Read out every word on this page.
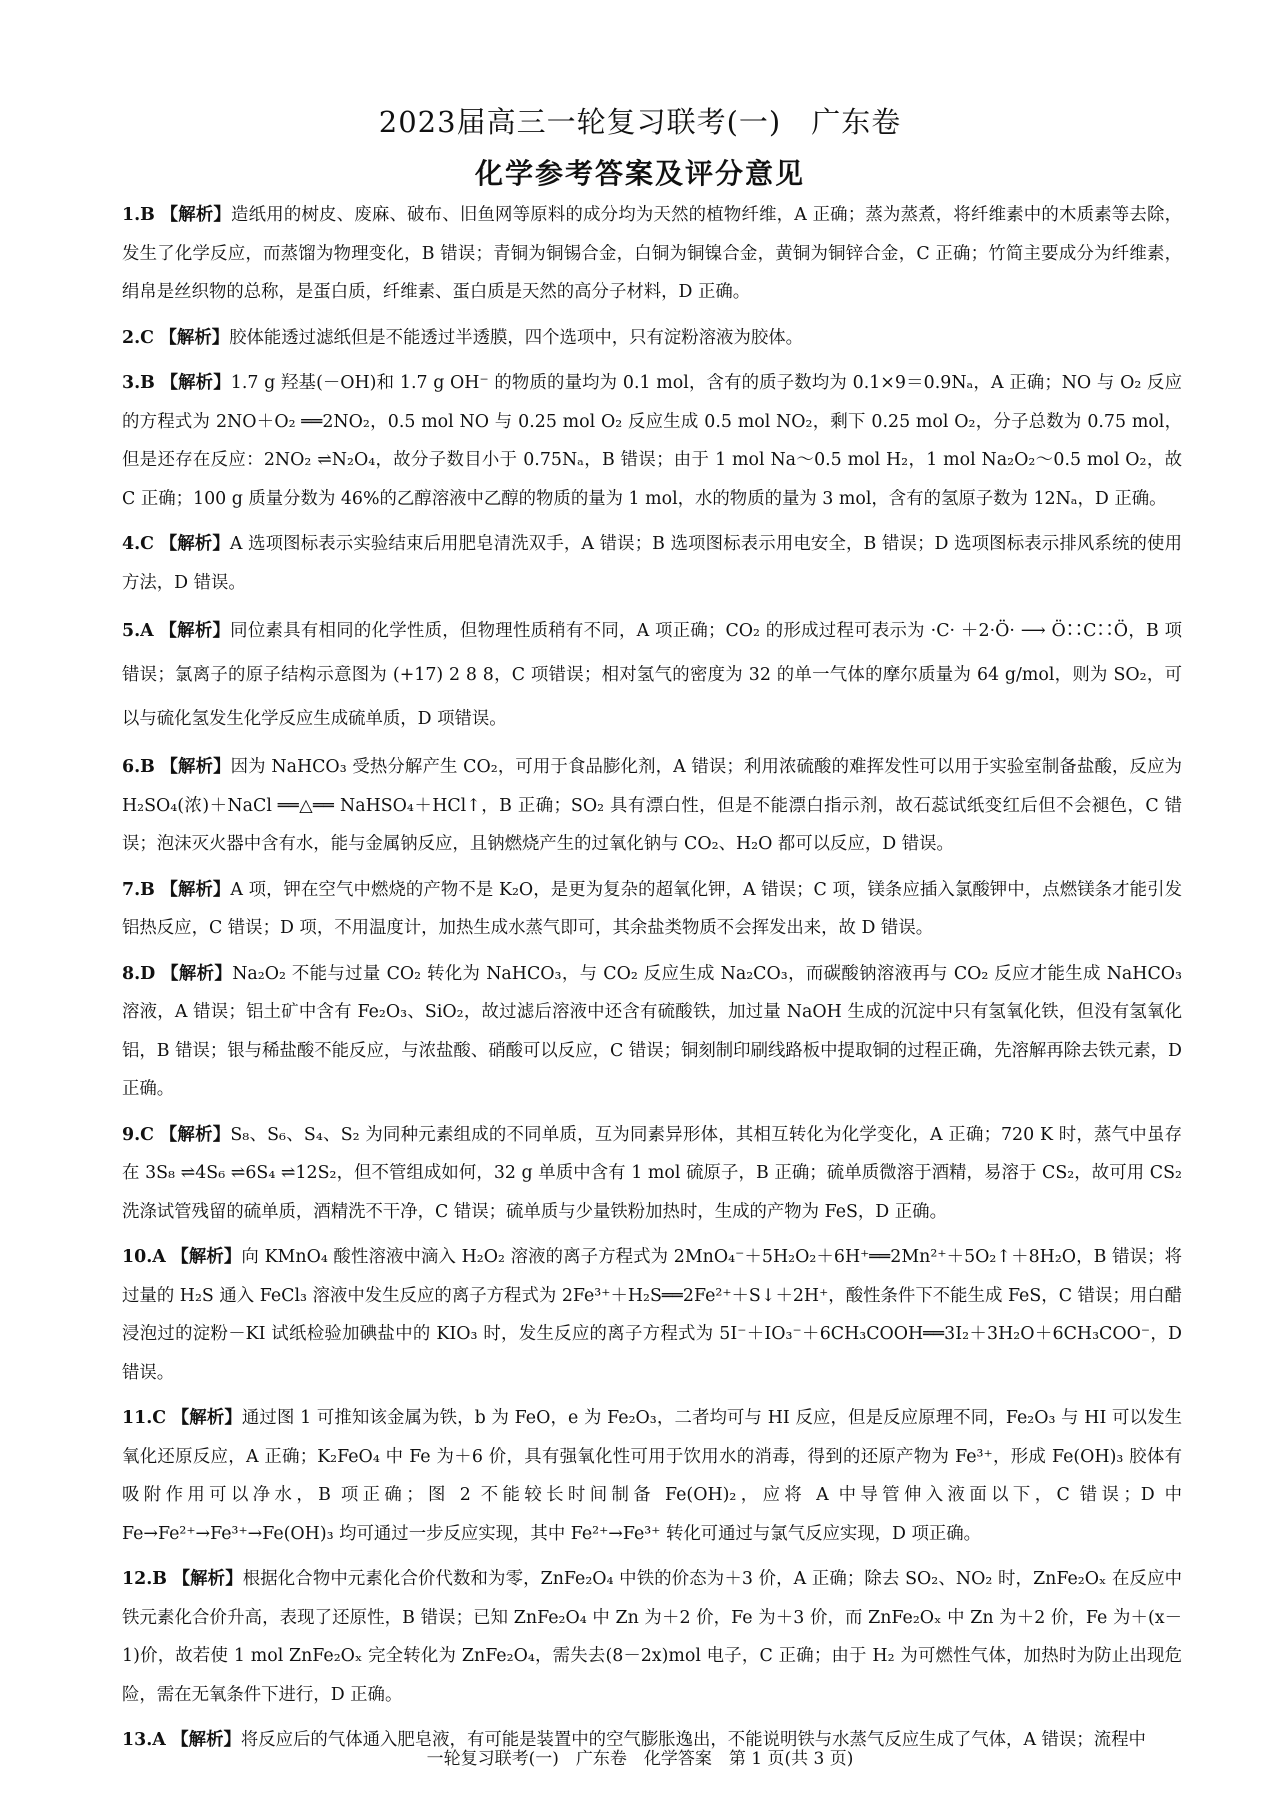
2023届高三一轮复习联考(一)　广东卷
化学参考答案及评分意见

1.B 【解析】造纸用的树皮、废麻、破布、旧鱼网等原料的成分均为天然的植物纤维，A 正确；蒸为蒸煮，将纤维素中的木质素等去除，发生了化学反应，而蒸馏为物理变化，B 错误；青铜为铜锡合金，白铜为铜镍合金，黄铜为铜锌合金，C 正确；竹简主要成分为纤维素，绢帛是丝织物的总称，是蛋白质，纤维素、蛋白质是天然的高分子材料，D 正确。

2.C 【解析】胶体能透过滤纸但是不能透过半透膜，四个选项中，只有淀粉溶液为胶体。

3.B 【解析】1.7 g 羟基(－OH)和 1.7 g OH⁻ 的物质的量均为 0.1 mol，含有的质子数均为 0.1×9＝0.9Nₐ，A 正确；NO 与 O₂ 反应的方程式为 2NO＋O₂ ══2NO₂，0.5 mol NO 与 0.25 mol O₂ 反应生成 0.5 mol NO₂，剩下 0.25 mol O₂，分子总数为 0.75 mol，但是还存在反应：2NO₂ ⇌N₂O₄，故分子数目小于 0.75Nₐ，B 错误；由于 1 mol Na～0.5 mol H₂，1 mol Na₂O₂～0.5 mol O₂，故 C 正确；100 g 质量分数为 46%的乙醇溶液中乙醇的物质的量为 1 mol，水的物质的量为 3 mol，含有的氢原子数为 12Nₐ，D 正确。

4.C 【解析】A 选项图标表示实验结束后用肥皂清洗双手，A 错误；B 选项图标表示用电安全，B 错误；D 选项图标表示排风系统的使用方法，D 错误。

5.A 【解析】同位素具有相同的化学性质，但物理性质稍有不同，A 项正确；CO₂ 的形成过程可表示为 ·C· ＋2·Ö· ⟶ Ö∷C∷Ö，B 项错误；氯离子的原子结构示意图为 (+17) 2 8 8，C 项错误；相对氢气的密度为 32 的单一气体的摩尔质量为 64 g/mol，则为 SO₂，可以与硫化氢发生化学反应生成硫单质，D 项错误。

6.B 【解析】因为 NaHCO₃ 受热分解产生 CO₂，可用于食品膨化剂，A 错误；利用浓硫酸的难挥发性可以用于实验室制备盐酸，反应为 H₂SO₄(浓)＋NaCl ══△══ NaHSO₄＋HCl↑，B 正确；SO₂ 具有漂白性，但是不能漂白指示剂，故石蕊试纸变红后但不会褪色，C 错误；泡沫灭火器中含有水，能与金属钠反应，且钠燃烧产生的过氧化钠与 CO₂、H₂O 都可以反应，D 错误。

7.B 【解析】A 项，钾在空气中燃烧的产物不是 K₂O，是更为复杂的超氧化钾，A 错误；C 项，镁条应插入氯酸钾中，点燃镁条才能引发铝热反应，C 错误；D 项，不用温度计，加热生成水蒸气即可，其余盐类物质不会挥发出来，故 D 错误。

8.D 【解析】Na₂O₂ 不能与过量 CO₂ 转化为 NaHCO₃，与 CO₂ 反应生成 Na₂CO₃，而碳酸钠溶液再与 CO₂ 反应才能生成 NaHCO₃ 溶液，A 错误；铝土矿中含有 Fe₂O₃、SiO₂，故过滤后溶液中还含有硫酸铁，加过量 NaOH 生成的沉淀中只有氢氧化铁，但没有氢氧化铝，B 错误；银与稀盐酸不能反应，与浓盐酸、硝酸可以反应，C 错误；铜刻制印刷线路板中提取铜的过程正确，先溶解再除去铁元素，D 正确。

9.C 【解析】S₈、S₆、S₄、S₂ 为同种元素组成的不同单质，互为同素异形体，其相互转化为化学变化，A 正确；720 K 时，蒸气中虽存在 3S₈ ⇌4S₆ ⇌6S₄ ⇌12S₂，但不管组成如何，32 g 单质中含有 1 mol 硫原子，B 正确；硫单质微溶于酒精，易溶于 CS₂，故可用 CS₂ 洗涤试管残留的硫单质，酒精洗不干净，C 错误；硫单质与少量铁粉加热时，生成的产物为 FeS，D 正确。

10.A 【解析】向 KMnO₄ 酸性溶液中滴入 H₂O₂ 溶液的离子方程式为 2MnO₄⁻＋5H₂O₂＋6H⁺══2Mn²⁺＋5O₂↑＋8H₂O，B 错误；将过量的 H₂S 通入 FeCl₃ 溶液中发生反应的离子方程式为 2Fe³⁺＋H₂S══2Fe²⁺＋S↓＋2H⁺，酸性条件下不能生成 FeS，C 错误；用白醋浸泡过的淀粉－KI 试纸检验加碘盐中的 KIO₃ 时，发生反应的离子方程式为 5I⁻＋IO₃⁻＋6CH₃COOH══3I₂＋3H₂O＋6CH₃COO⁻，D 错误。

11.C 【解析】通过图 1 可推知该金属为铁，b 为 FeO，e 为 Fe₂O₃，二者均可与 HI 反应，但是反应原理不同，Fe₂O₃ 与 HI 可以发生氧化还原反应，A 正确；K₂FeO₄ 中 Fe 为＋6 价，具有强氧化性可用于饮用水的消毒，得到的还原产物为 Fe³⁺，形成 Fe(OH)₃ 胶体有吸附作用可以净水，B 项正确；图 2 不能较长时间制备 Fe(OH)₂，应将 A 中导管伸入液面以下，C 错误；D 中 Fe→Fe²⁺→Fe³⁺→Fe(OH)₃ 均可通过一步反应实现，其中 Fe²⁺→Fe³⁺ 转化可通过与氯气反应实现，D 项正确。

12.B 【解析】根据化合物中元素化合价代数和为零，ZnFe₂O₄ 中铁的价态为＋3 价，A 正确；除去 SO₂、NO₂ 时，ZnFe₂Oₓ 在反应中铁元素化合价升高，表现了还原性，B 错误；已知 ZnFe₂O₄ 中 Zn 为＋2 价，Fe 为＋3 价，而 ZnFe₂Oₓ 中 Zn 为＋2 价，Fe 为＋(x－1)价，故若使 1 mol ZnFe₂Oₓ 完全转化为 ZnFe₂O₄，需失去(8－2x)mol 电子，C 正确；由于 H₂ 为可燃性气体，加热时为防止出现危险，需在无氧条件下进行，D 正确。

13.A 【解析】将反应后的气体通入肥皂液，有可能是装置中的空气膨胀逸出，不能说明铁与水蒸气反应生成了气体，A 错误；流程中

一轮复习联考(一)　广东卷　化学答案　第 1 页(共 3 页)
